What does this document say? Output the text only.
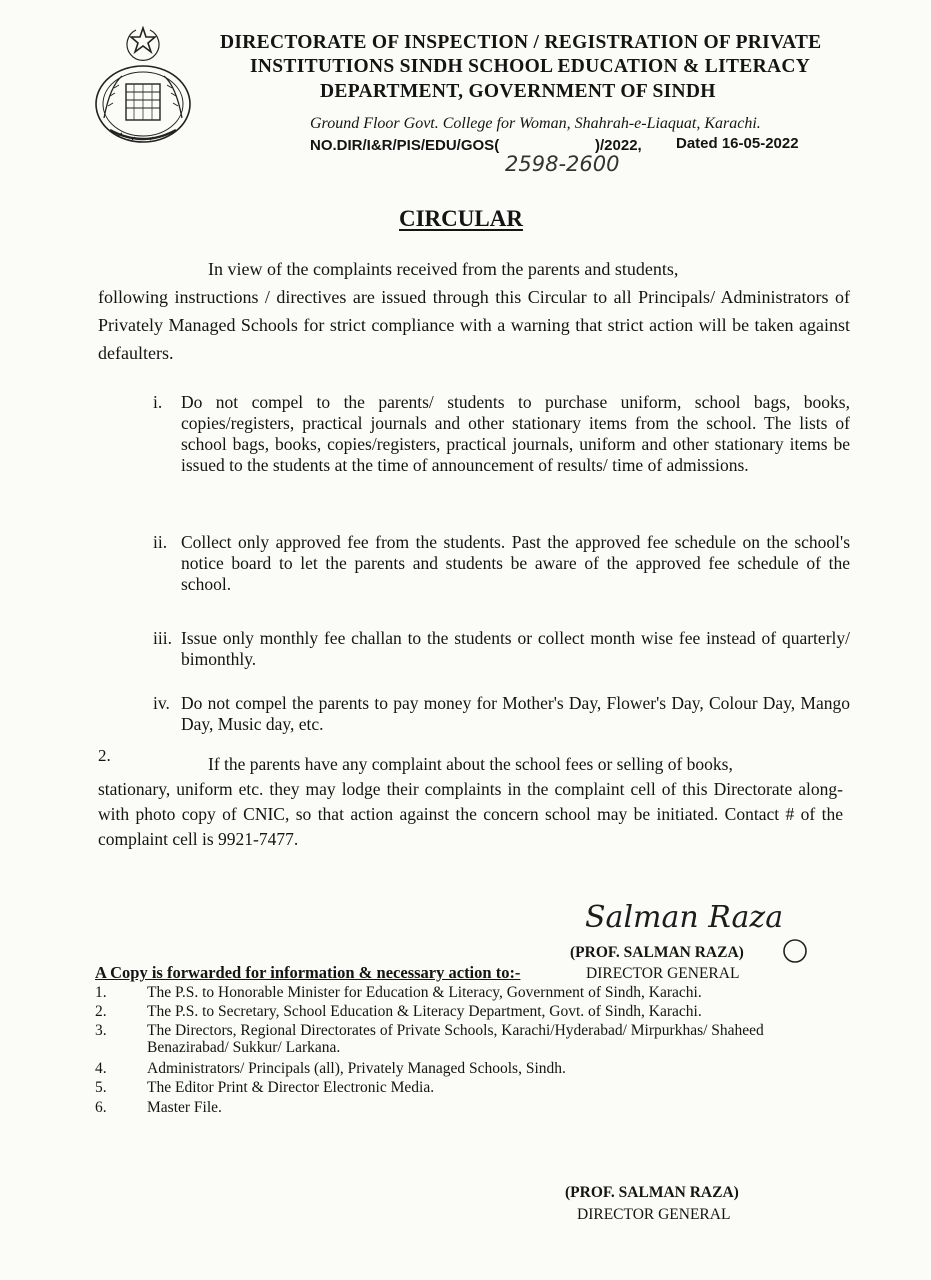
DIRECTORATE OF INSPECTION / REGISTRATION OF PRIVATE
INSTITUTIONS SINDH SCHOOL EDUCATION & LITERACY
DEPARTMENT, GOVERNMENT OF SINDH
Ground Floor Govt. College for Woman, Shahrah-e-Liaquat, Karachi.
NO.DIR/I&R/PIS/EDU/GOS(	)/2022, Dated 16-05-2022
2598-2600
CIRCULAR
In view of the complaints received from the parents and students,
following instructions / directives are issued through this Circular to all Principals/ Administrators of Privately Managed Schools for strict compliance with a warning that strict action will be taken against defaulters.
i. Do not compel to the parents/ students to purchase uniform, school bags, books, copies/registers, practical journals and other stationary items from the school. The lists of school bags, books, copies/registers, practical journals, uniform and other stationary items be issued to the students at the time of announcement of results/ time of admissions.
ii. Collect only approved fee from the students. Past the approved fee schedule on the school's notice board to let the parents and students be aware of the approved fee schedule of the school.
iii. Issue only monthly fee challan to the students or collect month wise fee instead of quarterly/ bimonthly.
iv. Do not compel the parents to pay money for Mother's Day, Flower's Day, Colour Day, Mango Day, Music day, etc.
2.	If the parents have any complaint about the school fees or selling of books,
stationary, uniform etc. they may lodge their complaints in the complaint cell of this Directorate along-with photo copy of CNIC, so that action against the concern school may be initiated. Contact # of the complaint cell is 9921-7477.
Salman Raza
(PROF. SALMAN RAZA)
DIRECTOR GENERAL
A Copy is forwarded for information & necessary action to:-
1.	The P.S. to Honorable Minister for Education & Literacy, Government of Sindh, Karachi.
2.	The P.S. to Secretary, School Education & Literacy Department, Govt. of Sindh, Karachi.
3.	The Directors, Regional Directorates of Private Schools, Karachi/Hyderabad/ Mirpurkhas/ Shaheed Benazirabad/ Sukkur/ Larkana.
4.	Administrators/ Principals (all), Privately Managed Schools, Sindh.
5.	The Editor Print & Director Electronic Media.
6.	Master File.
(PROF. SALMAN RAZA)
DIRECTOR GENERAL
